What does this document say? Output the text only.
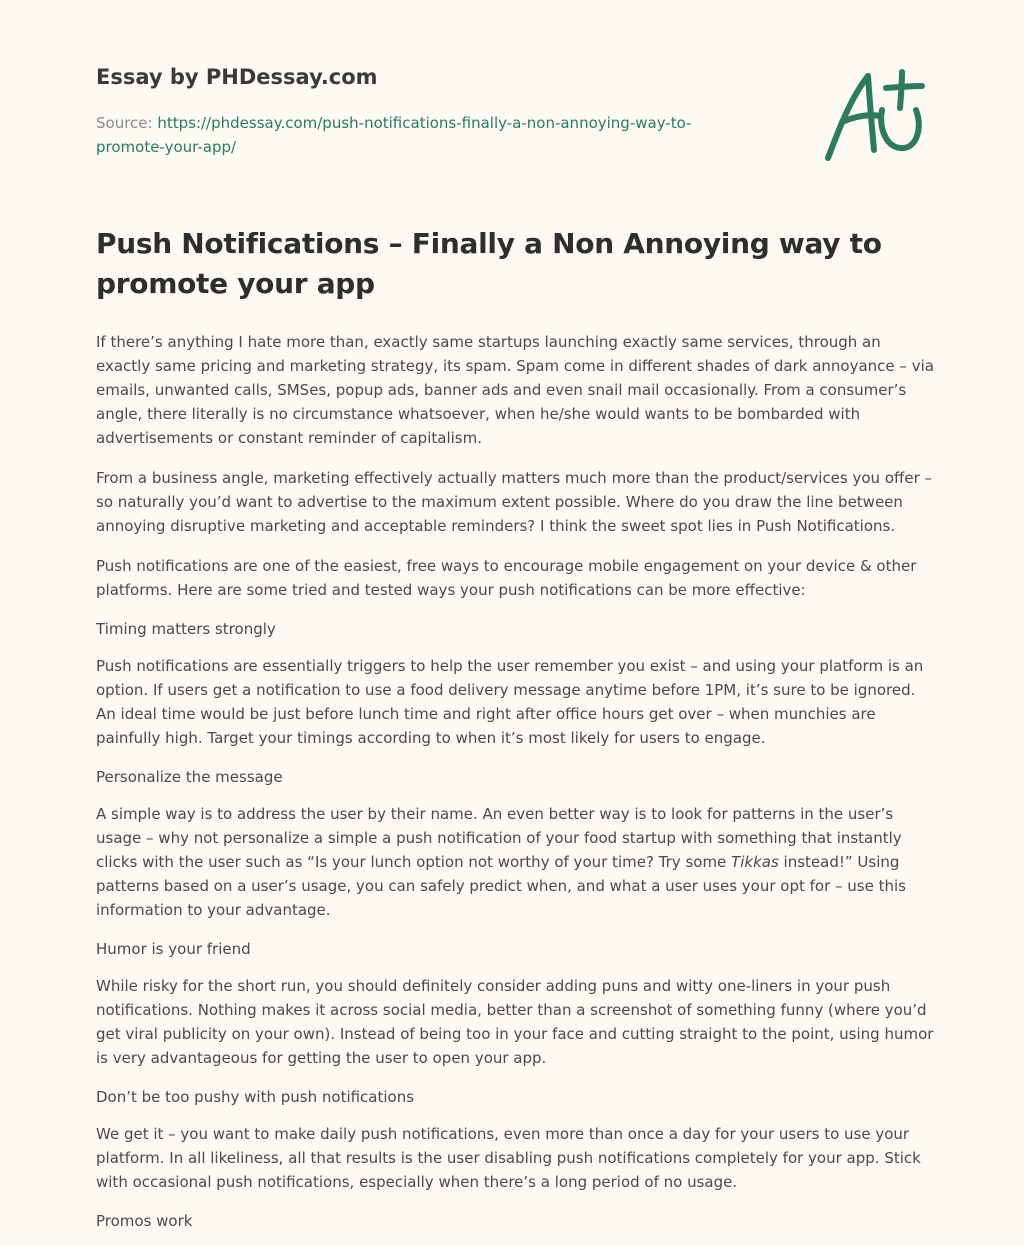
Essay by PHDessay.com
Source: https://phdessay.com/push-notifications-finally-a-non-annoying-way-to-promote-your-app/
Push Notifications – Finally a Non Annoying way to promote your app

If there’s anything I hate more than, exactly same startups launching exactly same services, through an exactly same pricing and marketing strategy, its spam. Spam come in different shades of dark annoyance – via emails, unwanted calls, SMSes, popup ads, banner ads and even snail mail occasionally. From a consumer’s angle, there literally is no circumstance whatsoever, when he/she would wants to be bombarded with advertisements or constant reminder of capitalism.

From a business angle, marketing effectively actually matters much more than the product/services you offer – so naturally you’d want to advertise to the maximum extent possible. Where do you draw the line between annoying disruptive marketing and acceptable reminders? I think the sweet spot lies in Push Notifications.

Push notifications are one of the easiest, free ways to encourage mobile engagement on your device & other platforms. Here are some tried and tested ways your push notifications can be more effective:

Timing matters strongly

Push notifications are essentially triggers to help the user remember you exist – and using your platform is an option. If users get a notification to use a food delivery message anytime before 1PM, it’s sure to be ignored. An ideal time would be just before lunch time and right after office hours get over – when munchies are painfully high. Target your timings according to when it’s most likely for users to engage.

Personalize the message

A simple way is to address the user by their name. An even better way is to look for patterns in the user’s usage – why not personalize a simple a push notification of your food startup with something that instantly clicks with the user such as “Is your lunch option not worthy of your time? Try some Tikkas instead!” Using patterns based on a user’s usage, you can safely predict when, and what a user uses your opt for – use this information to your advantage.

Humor is your friend

While risky for the short run, you should definitely consider adding puns and witty one-liners in your push notifications. Nothing makes it across social media, better than a screenshot of something funny (where you’d get viral publicity on your own). Instead of being too in your face and cutting straight to the point, using humor is very advantageous for getting the user to open your app.

Don’t be too pushy with push notifications

We get it – you want to make daily push notifications, even more than once a day for your users to use your platform. In all likeliness, all that results is the user disabling push notifications completely for your app. Stick with occasional push notifications, especially when there’s a long period of no usage.

Promos work
